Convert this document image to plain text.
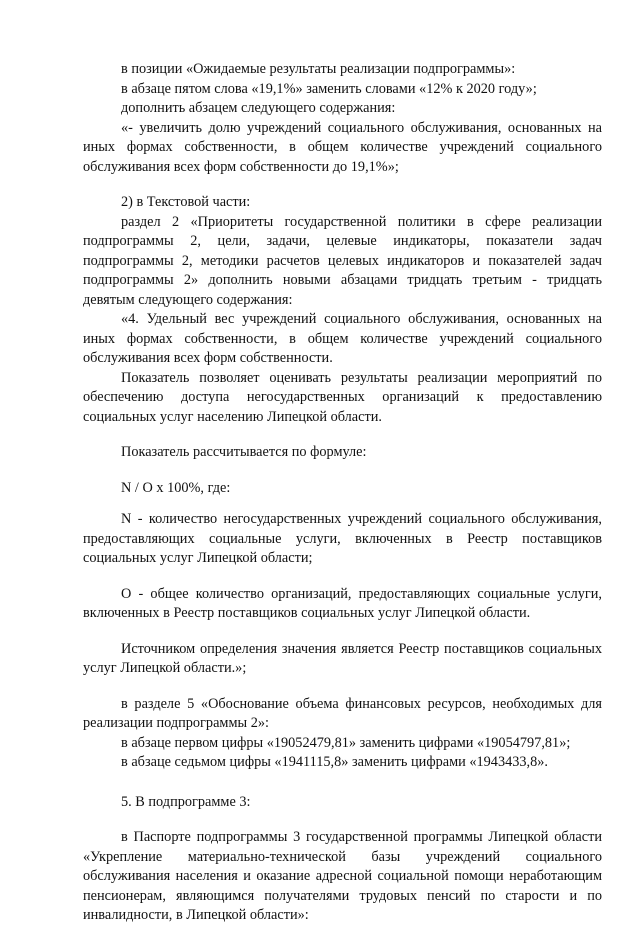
в позиции «Ожидаемые результаты реализации подпрограммы»:

в абзаце пятом слова «19,1%» заменить словами «12% к 2020 году»;

дополнить абзацем следующего содержания:

«- увеличить долю учреждений социального обслуживания, основанных на иных формах собственности, в общем количестве учреждений социального обслуживания всех форм собственности до 19,1%»;

2) в Текстовой части:

раздел 2 «Приоритеты государственной политики в сфере реализации подпрограммы 2, цели, задачи, целевые индикаторы, показатели задач подпрограммы 2, методики расчетов целевых индикаторов и показателей задач подпрограммы 2» дополнить новыми абзацами тридцать третьим - тридцать девятым следующего содержания:

«4. Удельный вес учреждений социального обслуживания, основанных на иных формах собственности, в общем количестве учреждений социального обслуживания всех форм собственности.

Показатель позволяет оценивать результаты реализации мероприятий по обеспечению доступа негосударственных организаций к предоставлению социальных услуг населению Липецкой области.

Показатель рассчитывается по формуле:

N / O x 100%, где:

N - количество негосударственных учреждений социального обслуживания, предоставляющих социальные услуги, включенных в Реестр поставщиков социальных услуг Липецкой области;

O - общее количество организаций, предоставляющих социальные услуги, включенных в Реестр поставщиков социальных услуг Липецкой области.

Источником определения значения является Реестр поставщиков социальных услуг Липецкой области.»;

в разделе 5 «Обоснование объема финансовых ресурсов, необходимых для реализации подпрограммы 2»:

в абзаце первом цифры «19052479,81» заменить цифрами «19054797,81»;

в абзаце седьмом цифры «1941115,8» заменить цифрами «1943433,8».

5. В подпрограмме 3:

в Паспорте подпрограммы 3 государственной программы Липецкой области «Укрепление материально-технической базы учреждений социального обслуживания населения и оказание адресной социальной помощи неработающим пенсионерам, являющимся получателями трудовых пенсий по старости и по инвалидности, в Липецкой области»:
